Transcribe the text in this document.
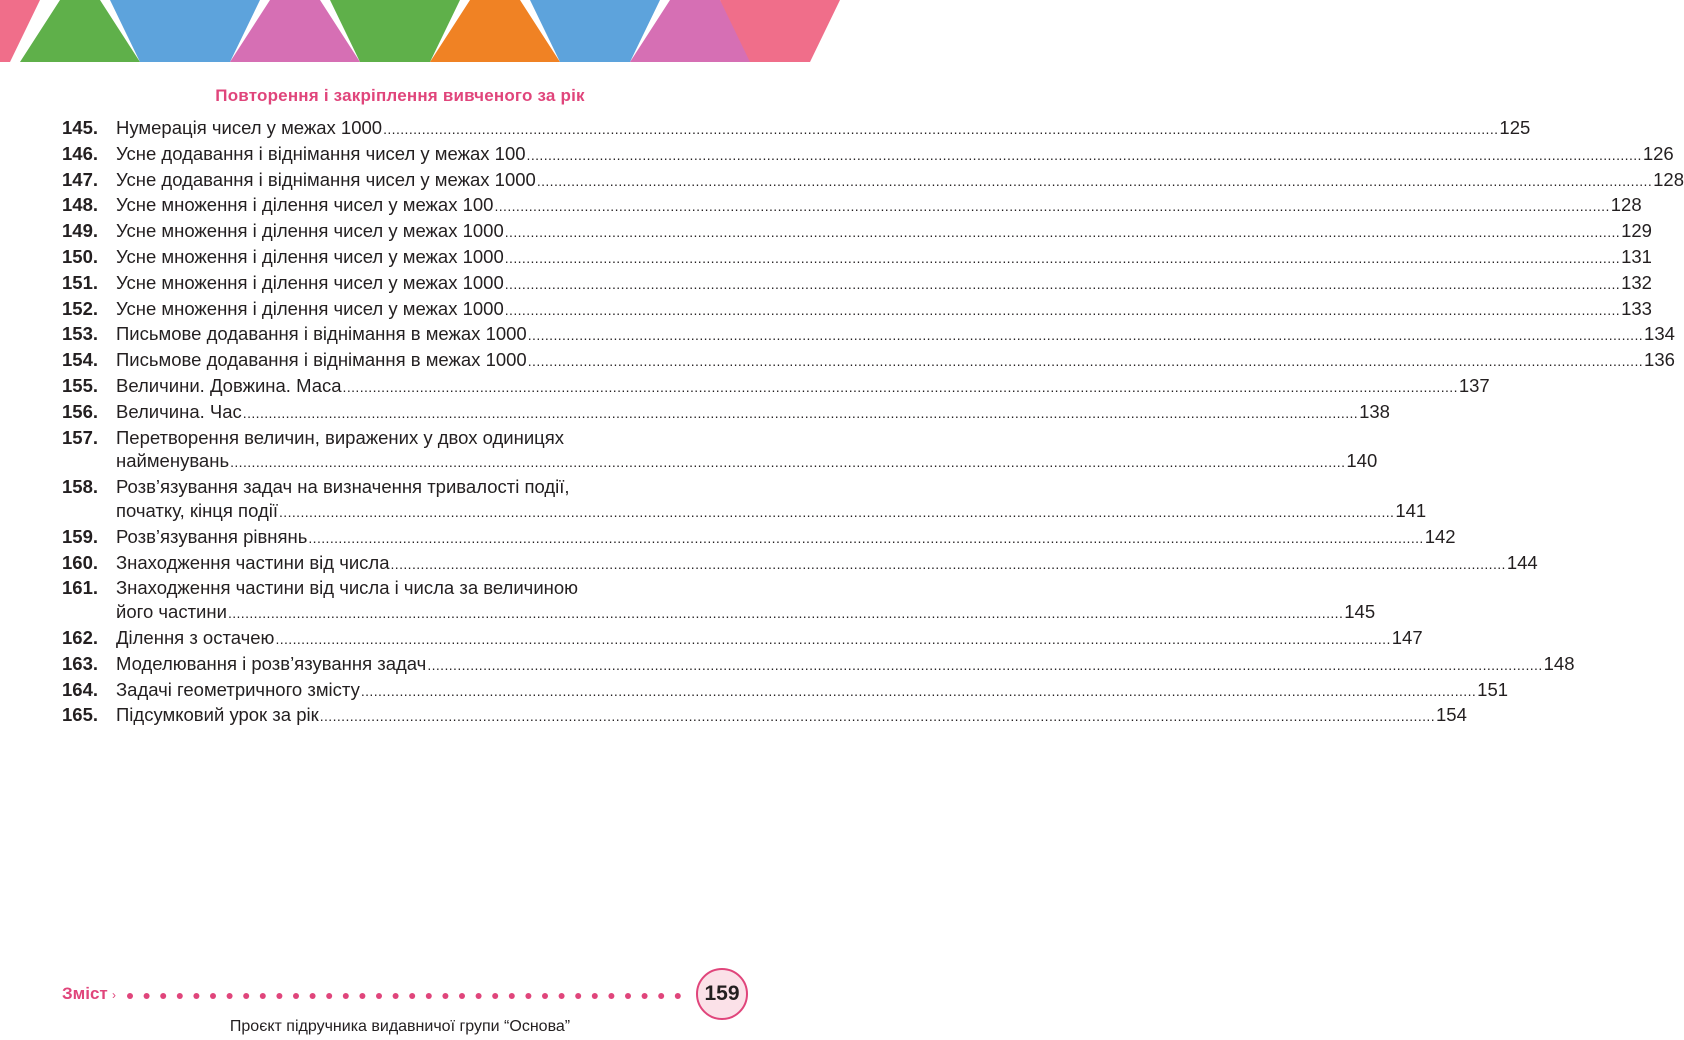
Повторення і закріплення вивченого за рік
145. Нумерація чисел у межах 1000 .................................................................................................................................................................................................................................................................... 125
146. Усне додавання і віднімання чисел у межах 100 .................................................................................................................................................................................................................................................................... 126
147. Усне додавання і віднімання чисел у межах 1000 .................................................................................................................................................................................................................................................................... 128
148. Усне множення і ділення чисел у межах 100 .................................................................................................................................................................................................................................................................... 128
149. Усне множення і ділення чисел у межах 1000 .................................................................................................................................................................................................................................................................... 129
150. Усне множення і ділення чисел у межах 1000 .................................................................................................................................................................................................................................................................... 131
151. Усне множення і ділення чисел у межах 1000 .................................................................................................................................................................................................................................................................... 132
152. Усне множення і ділення чисел у межах 1000 .................................................................................................................................................................................................................................................................... 133
153. Письмове додавання і віднімання в межах 1000 .................................................................................................................................................................................................................................................................... 134
154. Письмове додавання і віднімання в межах 1000 .................................................................................................................................................................................................................................................................... 136
155. Величини. Довжина. Маса .................................................................................................................................................................................................................................................................... 137
156. Величина. Час .................................................................................................................................................................................................................................................................... 138
157. Перетворення величин, виражених у двох одиницях
найменувань .................................................................................................................................................................................................................................................................... 140
158. Розв’язування задач на визначення тривалості події,
початку, кінця події .................................................................................................................................................................................................................................................................... 141
159. Розв’язування рівнянь .................................................................................................................................................................................................................................................................... 142
160. Знаходження частини від числа .................................................................................................................................................................................................................................................................... 144
161. Знаходження частини від числа і числа за величиною
його частини .................................................................................................................................................................................................................................................................... 145
162. Ділення з остачею .................................................................................................................................................................................................................................................................... 147
163. Моделювання і розв’язування задач .................................................................................................................................................................................................................................................................... 148
164. Задачі геометричного змісту .................................................................................................................................................................................................................................................................... 151
165. Підсумковий урок за рік .................................................................................................................................................................................................................................................................... 154
Зміст ›	159
Проєкт підручника видавничої групи “Основа”
